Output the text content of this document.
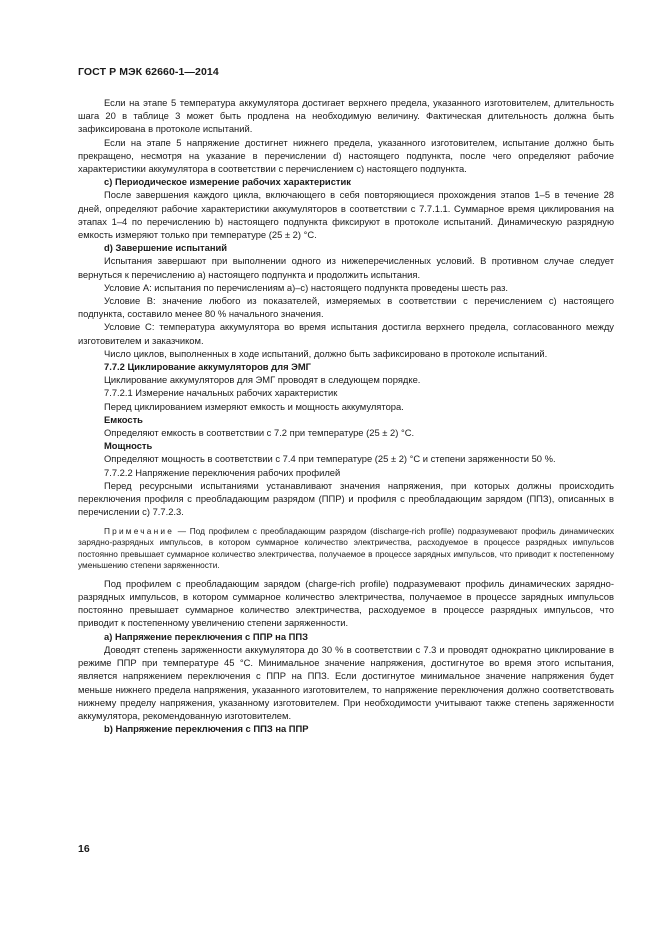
ГОСТ Р МЭК 62660-1—2014

Если на этапе 5 температура аккумулятора достигает верхнего предела, указанного изготовителем, длительность шага 20 в таблице 3 может быть продлена на необходимую величину. Фактическая длительность должна быть зафиксирована в протоколе испытаний.

Если на этапе 5 напряжение достигнет нижнего предела, указанного изготовителем, испытание должно быть прекращено, несмотря на указание в перечислении d) настоящего подпункта, после чего определяют рабочие характеристики аккумулятора в соответствии с перечислением c) настоящего подпункта.

c) Периодическое измерение рабочих характеристик

После завершения каждого цикла, включающего в себя повторяющиеся прохождения этапов 1–5 в течение 28 дней, определяют рабочие характеристики аккумуляторов в соответствии с 7.7.1.1. Суммарное время циклирования на этапах 1–4 по перечислению b) настоящего подпункта фиксируют в протоколе испытаний. Динамическую разрядную емкость измеряют только при температуре (25 ± 2) °C.

d) Завершение испытаний

Испытания завершают при выполнении одного из нижеперечисленных условий. В противном случае следует вернуться к перечислению а) настоящего подпункта и продолжить испытания.

Условие А: испытания по перечислениям a)–c) настоящего подпункта проведены шесть раз.

Условие В: значение любого из показателей, измеряемых в соответствии с перечислением c) настоящего подпункта, составило менее 80 % начального значения.

Условие С: температура аккумулятора во время испытания достигла верхнего предела, согласованного между изготовителем и заказчиком.

Число циклов, выполненных в ходе испытаний, должно быть зафиксировано в протоколе испытаний.

7.7.2 Циклирование аккумуляторов для ЭМГ

Циклирование аккумуляторов для ЭМГ проводят в следующем порядке.

7.7.2.1 Измерение начальных рабочих характеристик

Перед циклированием измеряют емкость и мощность аккумулятора.

Емкость

Определяют емкость в соответствии с 7.2 при температуре (25 ± 2) °C.

Мощность

Определяют мощность в соответствии с 7.4 при температуре (25 ± 2) °C и степени заряженности 50 %.

7.7.2.2 Напряжение переключения рабочих профилей

Перед ресурсными испытаниями устанавливают значения напряжения, при которых должны происходить переключения профиля с преобладающим разрядом (ППР) и профиля с преобладающим зарядом (ППЗ), описанных в перечислении c) 7.7.2.3.

Примечание — Под профилем с преобладающим разрядом (discharge-rich profile) подразумевают профиль динамических зарядно-разрядных импульсов, в котором суммарное количество электричества, расходуемое в процессе разрядных импульсов постоянно превышает суммарное количество электричества, получаемое в процессе зарядных импульсов, что приводит к постепенному уменьшению степени заряженности.

Под профилем с преобладающим зарядом (charge-rich profile) подразумевают профиль динамических зарядно-разрядных импульсов, в котором суммарное количество электричества, получаемое в процессе зарядных импульсов постоянно превышает суммарное количество электричества, расходуемое в процессе разрядных импульсов, что приводит к постепенному увеличению степени заряженности.

a) Напряжение переключения с ППР на ППЗ

Доводят степень заряженности аккумулятора до 30 % в соответствии с 7.3 и проводят однократно циклирование в режиме ППР при температуре 45 °C. Минимальное значение напряжения, достигнутое во время этого испытания, является напряжением переключения с ППР на ППЗ. Если достигнутое минимальное значение напряжения будет меньше нижнего предела напряжения, указанного изготовителем, то напряжение переключения должно соответствовать нижнему пределу напряжения, указанному изготовителем. При необходимости учитывают также степень заряженности аккумулятора, рекомендованную изготовителем.

b) Напряжение переключения с ППЗ на ППР

16
